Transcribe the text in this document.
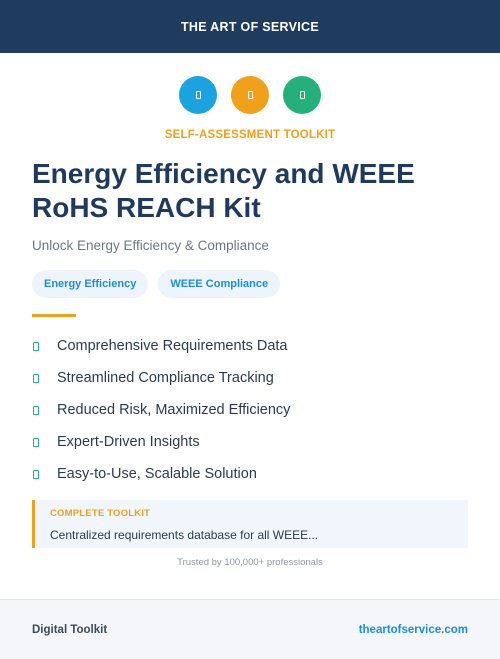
THE ART OF SERVICE
SELF-ASSESSMENT TOOLKIT
Energy Efficiency and WEEE RoHS REACH Kit
Unlock Energy Efficiency & Compliance
Energy Efficiency	WEEE Compliance
Comprehensive Requirements Data
Streamlined Compliance Tracking
Reduced Risk, Maximized Efficiency
Expert-Driven Insights
Easy-to-Use, Scalable Solution
COMPLETE TOOLKIT
Centralized requirements database for all WEEE...
Trusted by 100,000+ professionals
Digital Toolkit	theartofservice.com
